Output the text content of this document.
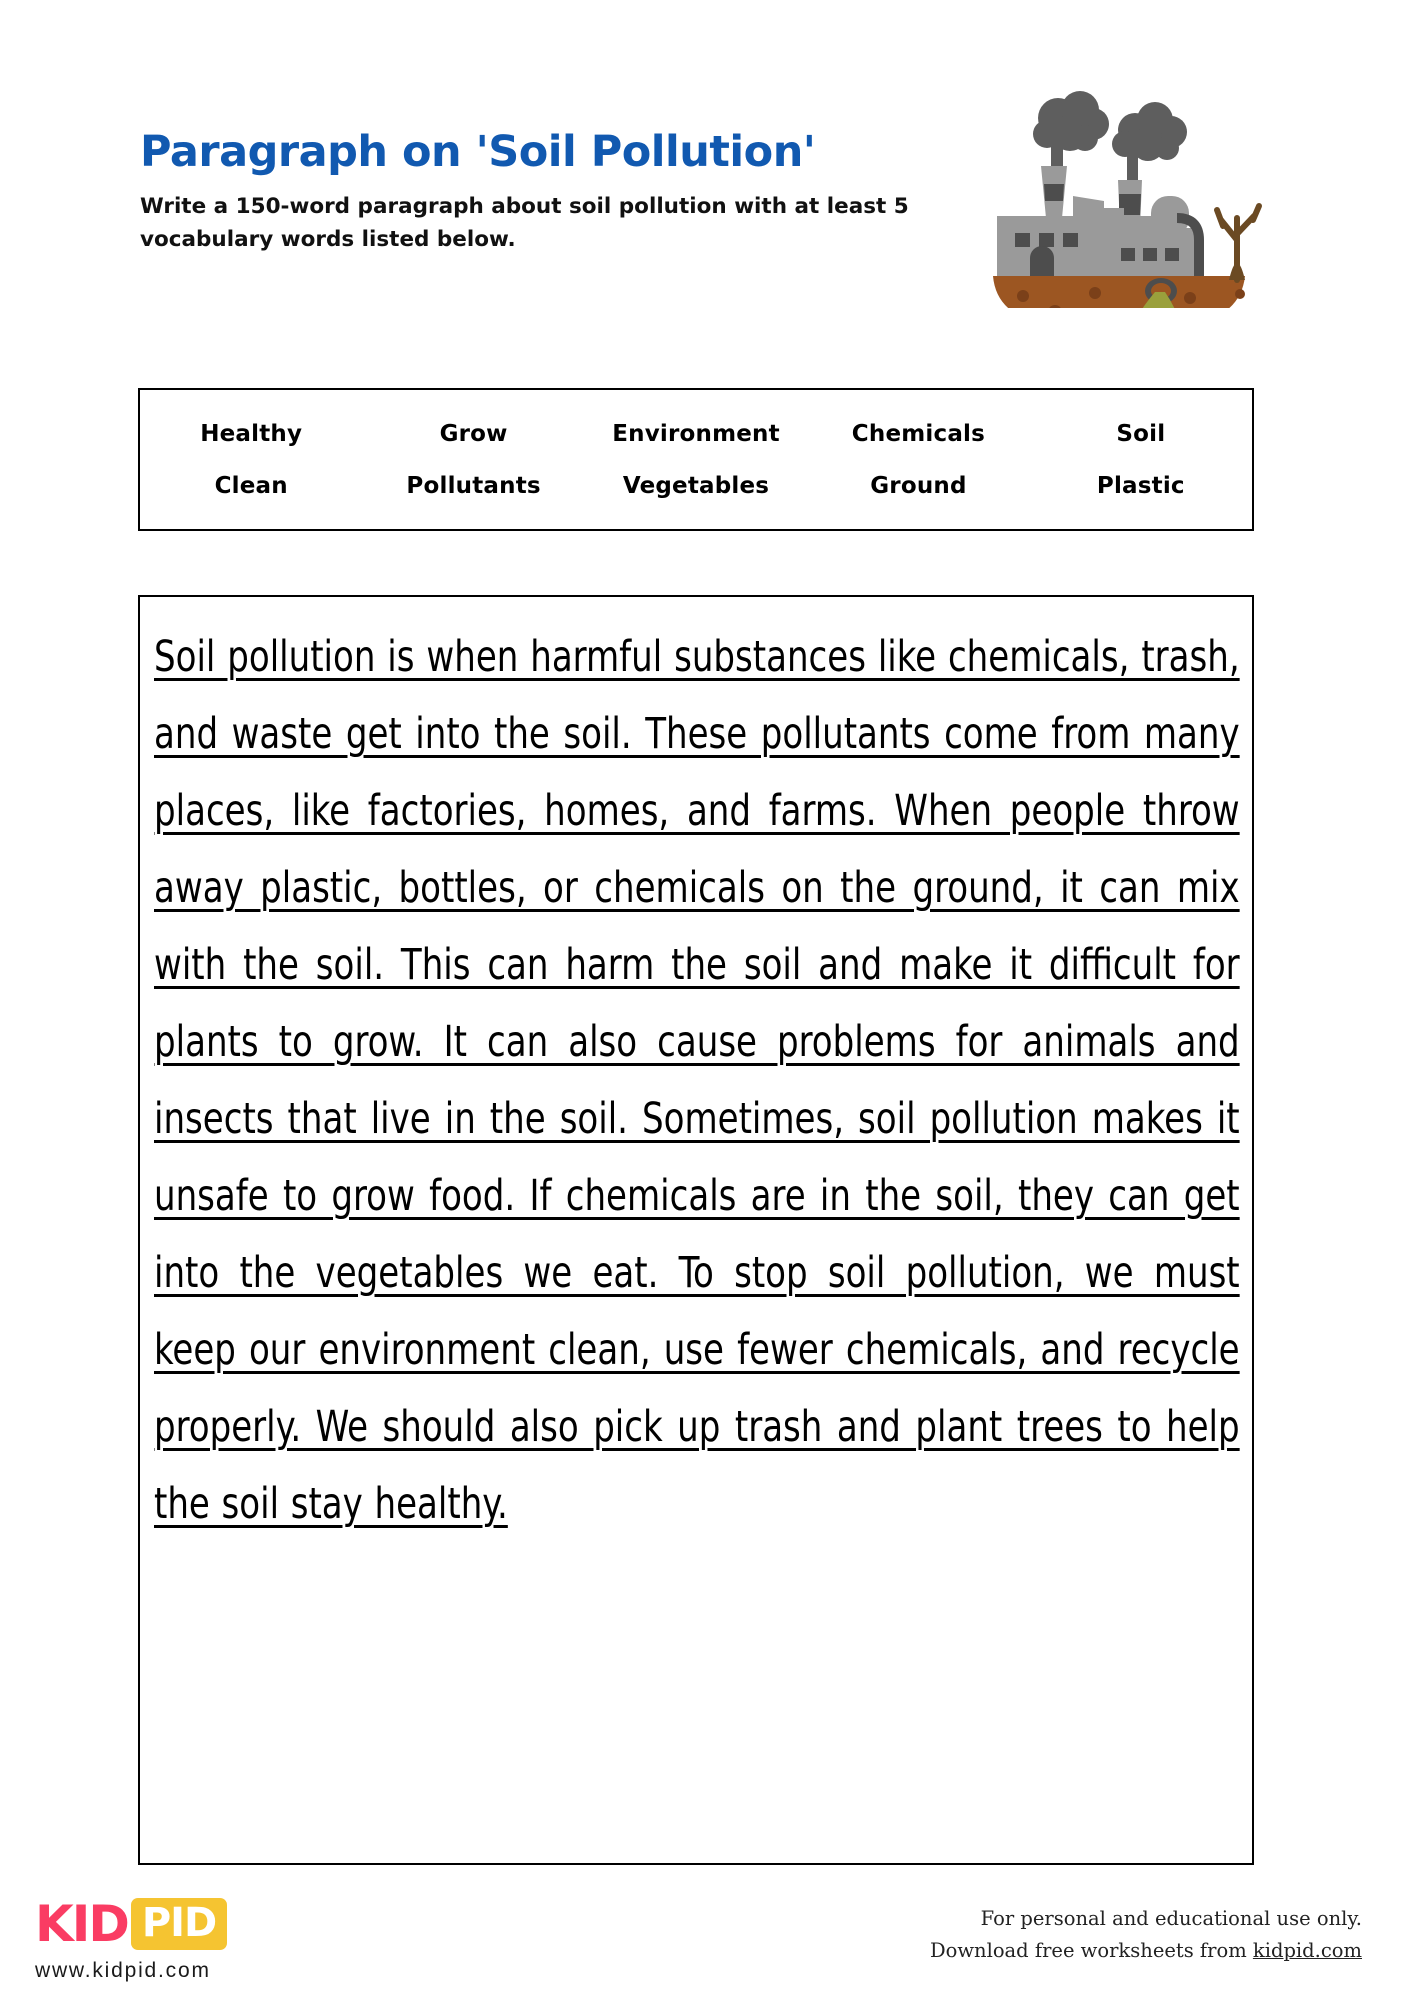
Paragraph on 'Soil Pollution'

Write a 150-word paragraph about soil pollution with at least 5 vocabulary words listed below.

Healthy	Grow	Environment	Chemicals	Soil
Clean	Pollutants	Vegetables	Ground	Plastic

Soil pollution is when harmful substances like chemicals, trash, and waste get into the soil. These pollutants come from many places, like factories, homes, and farms. When people throw away plastic, bottles, or chemicals on the ground, it can mix with the soil. This can harm the soil and make it difficult for plants to grow. It can also cause problems for animals and insects that live in the soil. Sometimes, soil pollution makes it unsafe to grow food. If chemicals are in the soil, they can get into the vegetables we eat. To stop soil pollution, we must keep our environment clean, use fewer chemicals, and recycle properly. We should also pick up trash and plant trees to help the soil stay healthy.

KID PID
www.kidpid.com
For personal and educational use only.
Download free worksheets from kidpid.com
